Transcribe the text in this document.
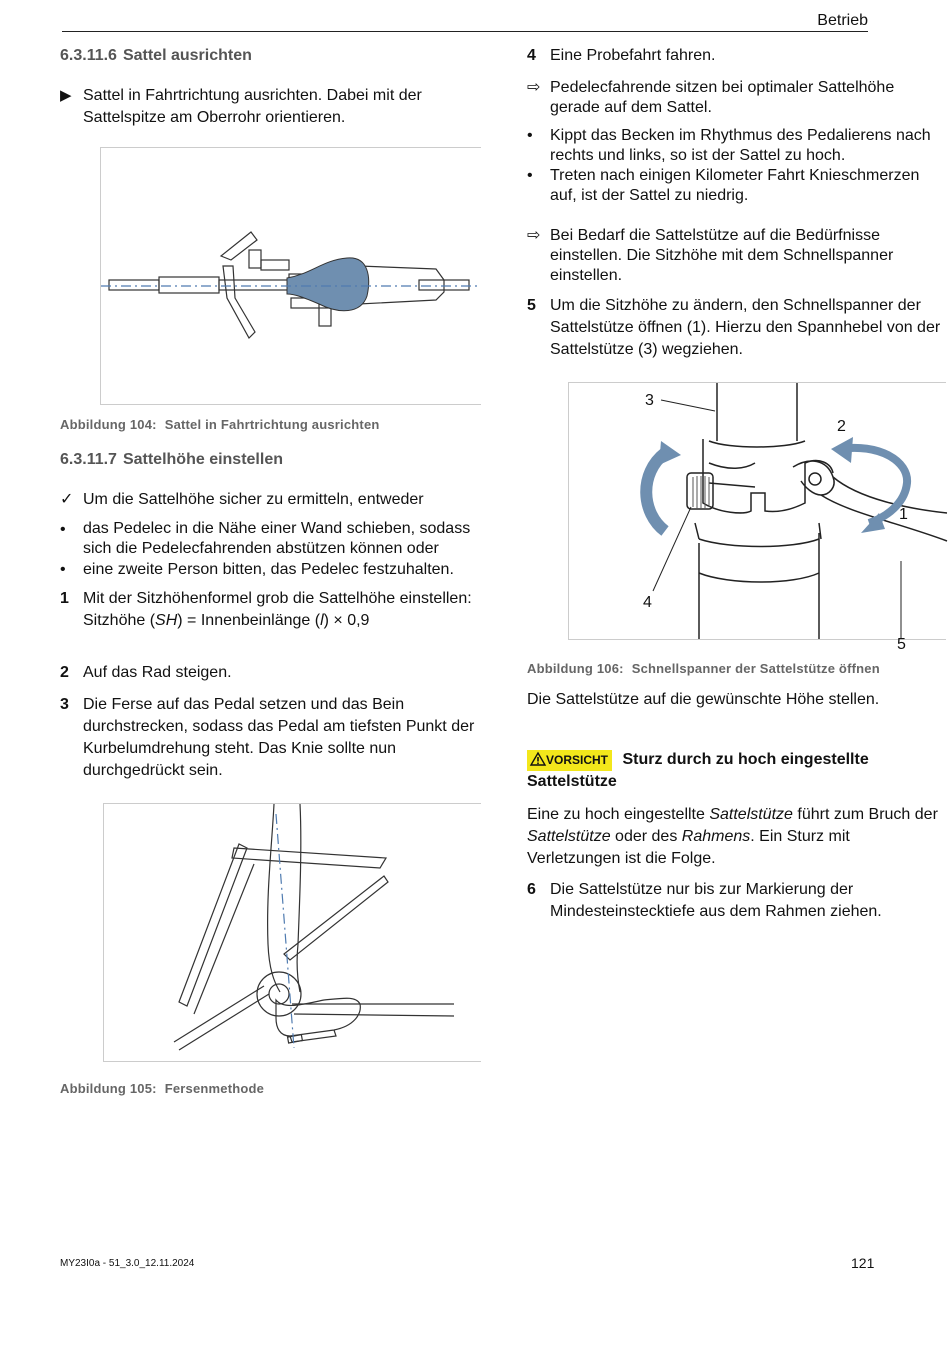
Betrieb
6.3.11.6 Sattel ausrichten
▶ Sattel in Fahrtrichtung ausrichten. Dabei mit der Sattelspitze am Oberrohr orientieren.
Abbildung 104: Sattel in Fahrtrichtung ausrichten
6.3.11.7 Sattelhöhe einstellen
✓ Um die Sattelhöhe sicher zu ermitteln, entweder
•	das Pedelec in die Nähe einer Wand schieben, sodass sich die Pedelecfahrenden abstützen können oder
•	eine zweite Person bitten, das Pedelec festzuhalten.
1 Mit der Sitzhöhenformel grob die Sattelhöhe einstellen:
Sitzhöhe (SH) = Innenbeinlänge (l) × 0,9
2 Auf das Rad steigen.
3 Die Ferse auf das Pedal setzen und das Bein durchstrecken, sodass das Pedal am tiefsten Punkt der Kurbelumdrehung steht. Das Knie sollte nun durchgedrückt sein.
Abbildung 105: Fersenmethode
4 Eine Probefahrt fahren.
⇨ Pedelecfahrende sitzen bei optimaler Sattelhöhe gerade auf dem Sattel.
•	Kippt das Becken im Rhythmus des Pedalierens nach rechts und links, so ist der Sattel zu hoch.
•	Treten nach einigen Kilometer Fahrt Knieschmerzen auf, ist der Sattel zu niedrig.
⇨ Bei Bedarf die Sattelstütze auf die Bedürfnisse einstellen. Die Sitzhöhe mit dem Schnellspanner einstellen.
5 Um die Sitzhöhe zu ändern, den Schnellspanner der Sattelstütze öffnen (1). Hierzu den Spannhebel von der Sattelstütze (3) wegziehen.
3
2
1
4
5
Abbildung 106: Schnellspanner der Sattelstütze öffnen
Die Sattelstütze auf die gewünschte Höhe stellen.
VORSICHT Sturz durch zu hoch eingestellte
Sattelstütze
Eine zu hoch eingestellte Sattelstütze führt zum Bruch der Sattelstütze oder des Rahmens. Ein Sturz mit Verletzungen ist die Folge.
6 Die Sattelstütze nur bis zur Markierung der Mindesteinstecktiefe aus dem Rahmen ziehen.
MY23I0a - 51_3.0_12.11.2024	121
